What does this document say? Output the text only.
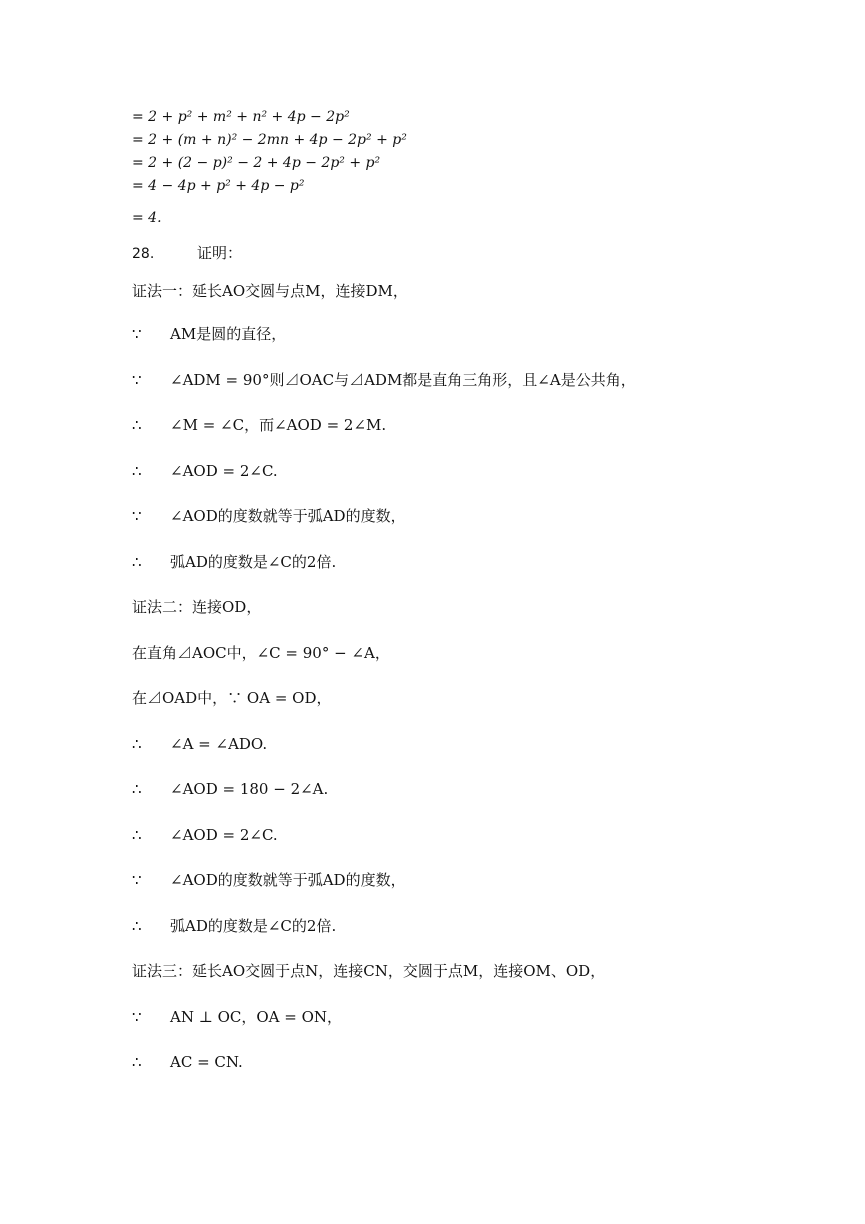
= 2 + p² + m² + n² + 4p − 2p²
= 2 + (m + n)² − 2mn + 4p − 2p² + p²
= 2 + (2 − p)² − 2 + 4p − 2p² + p²
= 4 − 4p + p² + 4p − p²
= 4.
28.	证明：
证法一：延长AO交圆与点M，连接DM，
∵ AM是圆的直径，
∵ ∠ADM = 90°则⊿OAC与⊿ADM都是直角三角形，且∠A是公共角，
∴ ∠M = ∠C，而∠AOD = 2∠M.
∴ ∠AOD = 2∠C.
∵ ∠AOD的度数就等于弧AD的度数，
∴ 弧AD的度数是∠C的2倍.
证法二：连接OD，
在直角⊿AOC中，∠C = 90° − ∠A，
在⊿OAD中，∵ OA = OD，
∴ ∠A = ∠ADO.
∴ ∠AOD = 180 − 2∠A.
∴ ∠AOD = 2∠C.
∵ ∠AOD的度数就等于弧AD的度数，
∴ 弧AD的度数是∠C的2倍.
证法三：延长AO交圆于点N，连接CN，交圆于点M，连接OM、OD，
∵ AN ⊥ OC，OA = ON，
∴ AC = CN.
